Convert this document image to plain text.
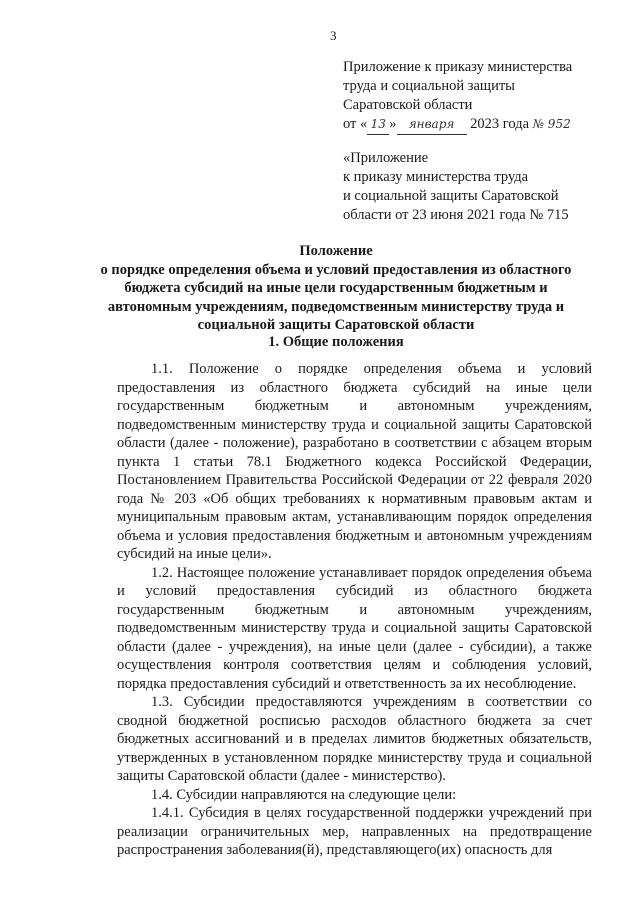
3
Приложение к приказу министерства
труда и социальной защиты
Саратовской области
от « 13 » января 2023 года № 952
«Приложение
к приказу министерства труда
и социальной защиты Саратовской
области от 23 июня 2021 года № 715
Положение
о порядке определения объема и условий предоставления из областного
бюджета субсидий на иные цели государственным бюджетным и
автономным учреждениям, подведомственным министерству труда и
социальной защиты Саратовской области
1. Общие положения

1.1. Положение о порядке определения объема и условий предоставления из областного бюджета субсидий на иные цели государственным бюджетным и автономным учреждениям, подведомственным министерству труда и социальной защиты Саратовской области (далее - положение), разработано в соответствии с абзацем вторым пункта 1 статьи 78.1 Бюджетного кодекса Российской Федерации, Постановлением Правительства Российской Федерации от 22 февраля 2020 года № 203 «Об общих требованиях к нормативным правовым актам и муниципальным правовым актам, устанавливающим порядок определения объема и условия предоставления бюджетным и автономным учреждениям субсидий на иные цели».

1.2. Настоящее положение устанавливает порядок определения объема и условий предоставления субсидий из областного бюджета государственным бюджетным и автономным учреждениям, подведомственным министерству труда и социальной защиты Саратовской области (далее - учреждения), на иные цели (далее - субсидии), а также осуществления контроля соответствия целям и соблюдения условий, порядка предоставления субсидий и ответственность за их несоблюдение.

1.3. Субсидии предоставляются учреждениям в соответствии со сводной бюджетной росписью расходов областного бюджета за счет бюджетных ассигнований и в пределах лимитов бюджетных обязательств, утвержденных в установленном порядке министерству труда и социальной защиты Саратовской области (далее - министерство).

1.4. Субсидии направляются на следующие цели:

1.4.1. Субсидия в целях государственной поддержки учреждений при реализации ограничительных мер, направленных на предотвращение распространения заболевания(й), представляющего(их) опасность для
